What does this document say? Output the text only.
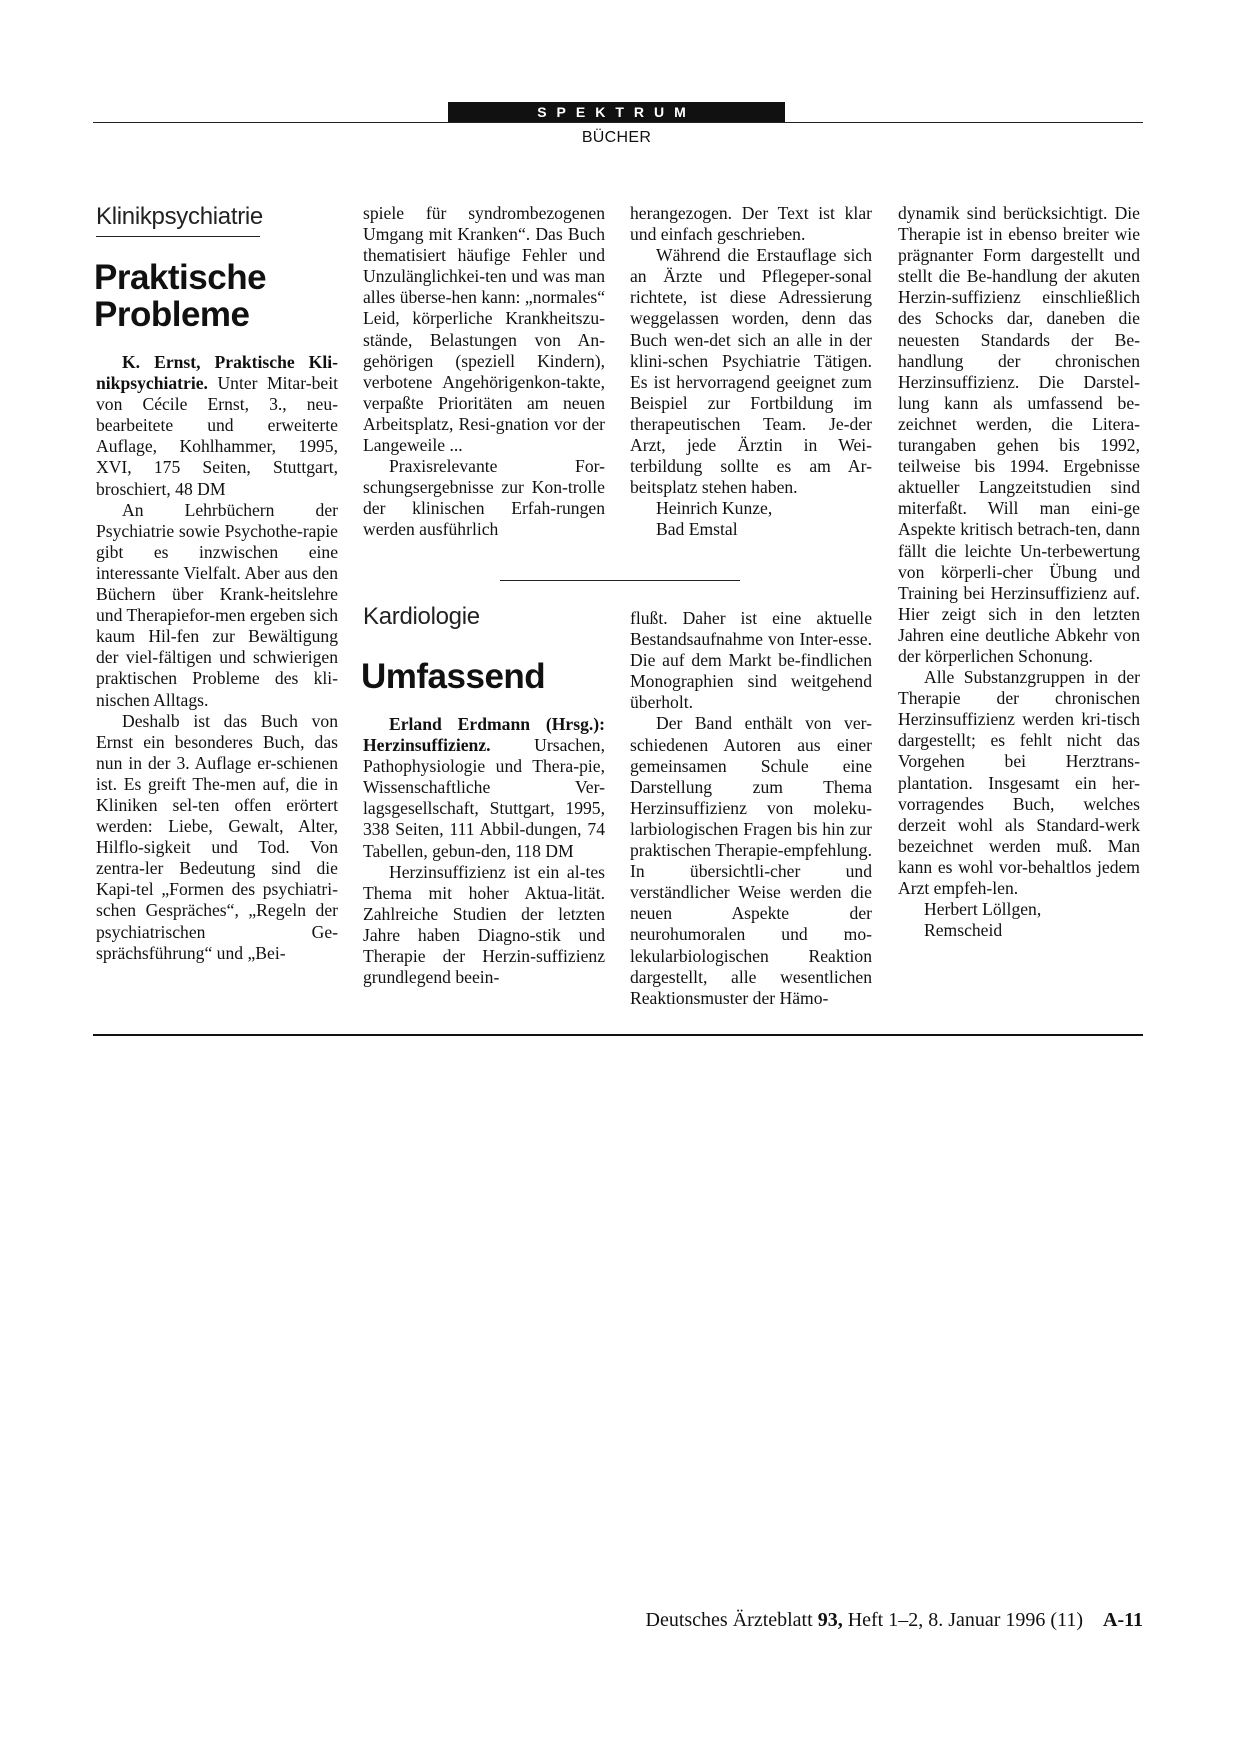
SPEKTRUM
BÜCHER
Klinikpsychiatrie
Praktische
Probleme

K. Ernst, Praktische Kli-nikpsychiatrie. Unter Mitar-beit von Cécile Ernst, 3., neu-bearbeitete und erweiterte Auflage, Kohlhammer, 1995, XVI, 175 Seiten, Stuttgart, broschiert, 48 DM

An Lehrbüchern der Psychiatrie sowie Psychothe-rapie gibt es inzwischen eine interessante Vielfalt. Aber aus den Büchern über Krank-heitslehre und Therapiefor-men ergeben sich kaum Hil-fen zur Bewältigung der viel-fältigen und schwierigen praktischen Probleme des kli-nischen Alltags.

Deshalb ist das Buch von Ernst ein besonderes Buch, das nun in der 3. Auflage er-schienen ist. Es greift The-men auf, die in Kliniken sel-ten offen erörtert werden: Liebe, Gewalt, Alter, Hilflo-sigkeit und Tod. Von zentra-ler Bedeutung sind die Kapi-tel „Formen des psychiatri-schen Gespräches“, „Regeln der psychiatrischen Ge-sprächsführung“ und „Bei-

spiele für syndrombezogenen Umgang mit Kranken“. Das Buch thematisiert häufige Fehler und Unzulänglichkei-ten und was man alles überse-hen kann: „normales“ Leid, körperliche Krankheitszu-stände, Belastungen von An-gehörigen (speziell Kindern), verbotene Angehörigenkon-takte, verpaßte Prioritäten am neuen Arbeitsplatz, Resi-gnation vor der Langeweile ...

Praxisrelevante For-schungsergebnisse zur Kon-trolle der klinischen Erfah-rungen werden ausführlich

herangezogen. Der Text ist klar und einfach geschrieben.

Während die Erstauflage sich an Ärzte und Pflegeper-sonal richtete, ist diese Adressierung weggelassen worden, denn das Buch wen-det sich an alle in der klini-schen Psychiatrie Tätigen. Es ist hervorragend geeignet zum Beispiel zur Fortbildung im therapeutischen Team. Je-der Arzt, jede Ärztin in Wei-terbildung sollte es am Ar-beitsplatz stehen haben.

Heinrich Kunze,

Bad Emstal

Kardiologie
Umfassend

Erland Erdmann (Hrsg.): Herzinsuffizienz. Ursachen, Pathophysiologie und Thera-pie, Wissenschaftliche Ver-lagsgesellschaft, Stuttgart, 1995, 338 Seiten, 111 Abbil-dungen, 74 Tabellen, gebun-den, 118 DM

Herzinsuffizienz ist ein al-tes Thema mit hoher Aktua-lität. Zahlreiche Studien der letzten Jahre haben Diagno-stik und Therapie der Herzin-suffizienz grundlegend beein-

flußt. Daher ist eine aktuelle Bestandsaufnahme von Inter-esse. Die auf dem Markt be-findlichen Monographien sind weitgehend überholt.

Der Band enthält von ver-schiedenen Autoren aus einer gemeinsamen Schule eine Darstellung zum Thema Herzinsuffizienz von moleku-larbiologischen Fragen bis hin zur praktischen Therapie-empfehlung. In übersichtli-cher und verständlicher Weise werden die neuen Aspekte der neurohumoralen und mo-lekularbiologischen Reaktion dargestellt, alle wesentlichen Reaktionsmuster der Hämo-

dynamik sind berücksichtigt. Die Therapie ist in ebenso breiter wie prägnanter Form dargestellt und stellt die Be-handlung der akuten Herzin-suffizienz einschließlich des Schocks dar, daneben die neuesten Standards der Be-handlung der chronischen Herzinsuffizienz. Die Darstel-lung kann als umfassend be-zeichnet werden, die Litera-turangaben gehen bis 1992, teilweise bis 1994. Ergebnisse aktueller Langzeitstudien sind miterfaßt. Will man eini-ge Aspekte kritisch betrach-ten, dann fällt die leichte Un-terbewertung von körperli-cher Übung und Training bei Herzinsuffizienz auf. Hier zeigt sich in den letzten Jahren eine deutliche Abkehr von der körperlichen Schonung.

Alle Substanzgruppen in der Therapie der chronischen Herzinsuffizienz werden kri-tisch dargestellt; es fehlt nicht das Vorgehen bei Herztrans-plantation. Insgesamt ein her-vorragendes Buch, welches derzeit wohl als Standard-werk bezeichnet werden muß. Man kann es wohl vor-behaltlos jedem Arzt empfeh-len.

Herbert Löllgen,

Remscheid

Deutsches Ärzteblatt 93, Heft 1–2, 8. Januar 1996 (11) A-11
